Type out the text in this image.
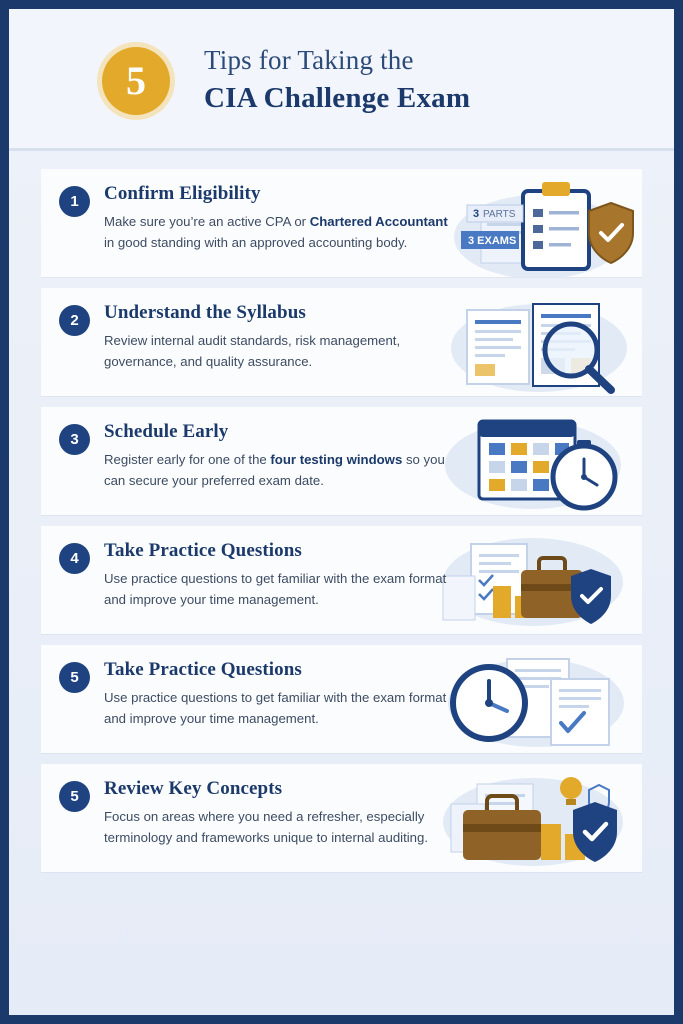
5 Tips for Taking the
CIA Challenge Exam
1	Confirm Eligibility
Make sure you’re an active CPA or Chartered Accountant in good standing with an approved accounting body.
3
PARTS
3 EXAMS
2	Understand the Syllabus
Review internal audit standards, risk management, governance, and quality assurance.
3	Schedule Early
Register early for one of the four testing windows so you can secure your preferred exam date.
4	Take Practice Questions
Use practice questions to get familiar with the exam format and improve your time management.
5	Take Practice Questions
Use practice questions to get familiar with the exam format and improve your time management.
5	Review Key Concepts
Focus on areas where you need a refresher, especially terminology and frameworks unique to internal auditing.
